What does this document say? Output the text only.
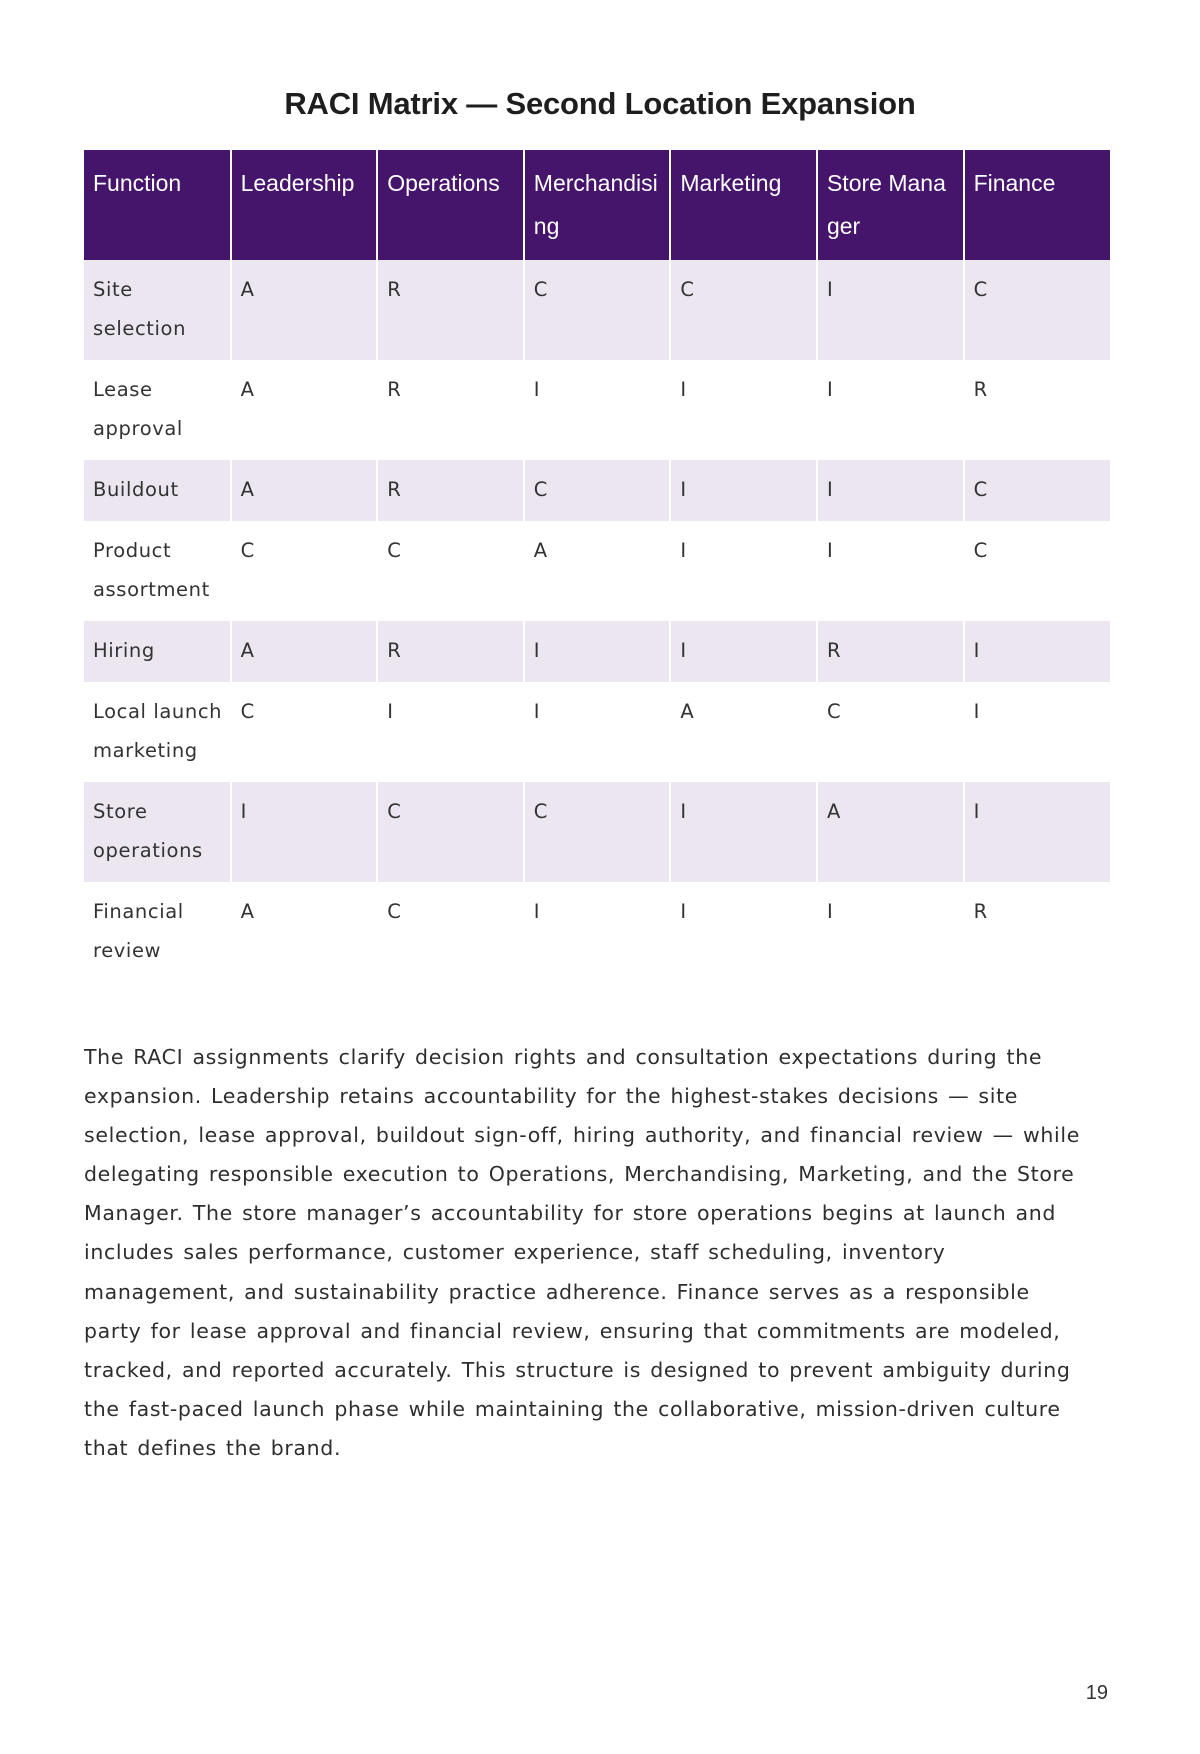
RACI Matrix — Second Location Expansion
Function	Leadership	Operations	Merchandising	Marketing	Store Manager	Finance
Site selection	A	R	C	C	I	C
Lease approval	A	R	I	I	I	R
Buildout	A	R	C	I	I	C
Product assortment	C	C	A	I	I	C
Hiring	A	R	I	I	R	I
Local launch marketing	C	I	I	A	C	I
Store operations	I	C	C	I	A	I
Financial review	A	C	I	I	I	R

The RACI assignments clarify decision rights and consultation expectations during the expansion. Leadership retains accountability for the highest-stakes decisions — site selection, lease approval, buildout sign-off, hiring authority, and financial review — while delegating responsible execution to Operations, Merchandising, Marketing, and the Store Manager. The store manager’s accountability for store operations begins at launch and includes sales performance, customer experience, staff scheduling, inventory management, and sustainability practice adherence. Finance serves as a responsible party for lease approval and financial review, ensuring that commitments are modeled, tracked, and reported accurately. This structure is designed to prevent ambiguity during the fast-paced launch phase while maintaining the collaborative, mission-driven culture that defines the brand.

19
